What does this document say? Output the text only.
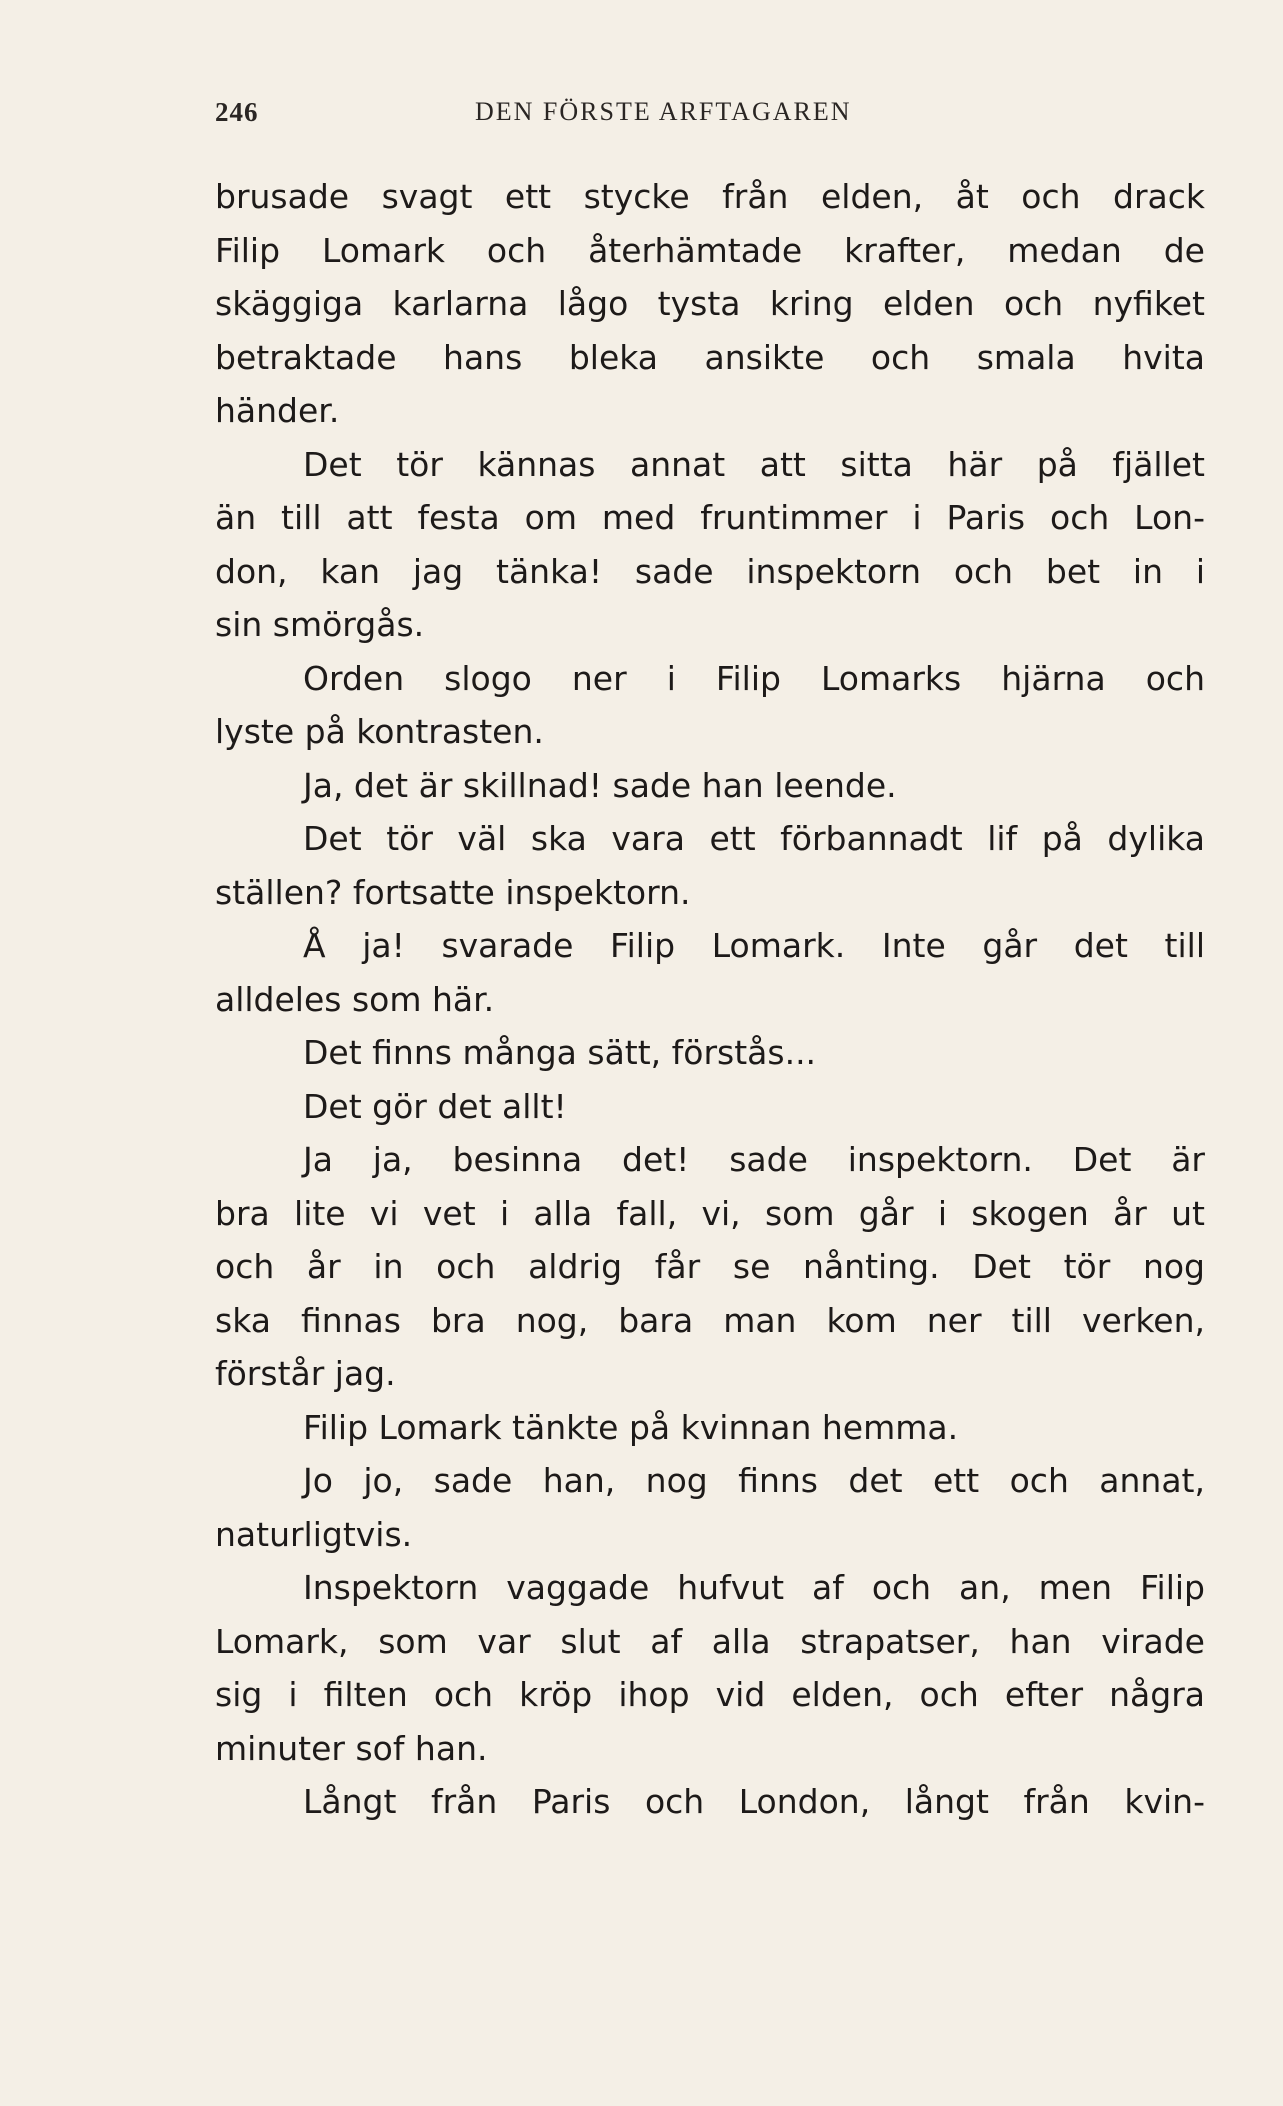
246	DEN FÖRSTE ARFTAGAREN
brusade svagt ett stycke från elden, åt och drack
Filip Lomark och återhämtade krafter, medan de
skäggiga karlarna lågo tysta kring elden och nyfiket
betraktade hans bleka ansikte och smala hvita
händer.
Det tör kännas annat att sitta här på fjället
än till att festa om med fruntimmer i Paris och Lon-
don, kan jag tänka! sade inspektorn och bet in i
sin smörgås.
Orden slogo ner i Filip Lomarks hjärna och
lyste på kontrasten.
Ja, det är skillnad! sade han leende.
Det tör väl ska vara ett förbannadt lif på dylika
ställen? fortsatte inspektorn.
Å ja! svarade Filip Lomark. Inte går det till
alldeles som här.
Det finns många sätt, förstås...
Det gör det allt!
Ja ja, besinna det! sade inspektorn. Det är
bra lite vi vet i alla fall, vi, som går i skogen år ut
och år in och aldrig får se nånting. Det tör nog
ska finnas bra nog, bara man kom ner till verken,
förstår jag.
Filip Lomark tänkte på kvinnan hemma.
Jo jo, sade han, nog finns det ett och annat,
naturligtvis.
Inspektorn vaggade hufvut af och an, men Filip
Lomark, som var slut af alla strapatser, han virade
sig i filten och kröp ihop vid elden, och efter några
minuter sof han.
Långt från Paris och London, långt från kvin-
